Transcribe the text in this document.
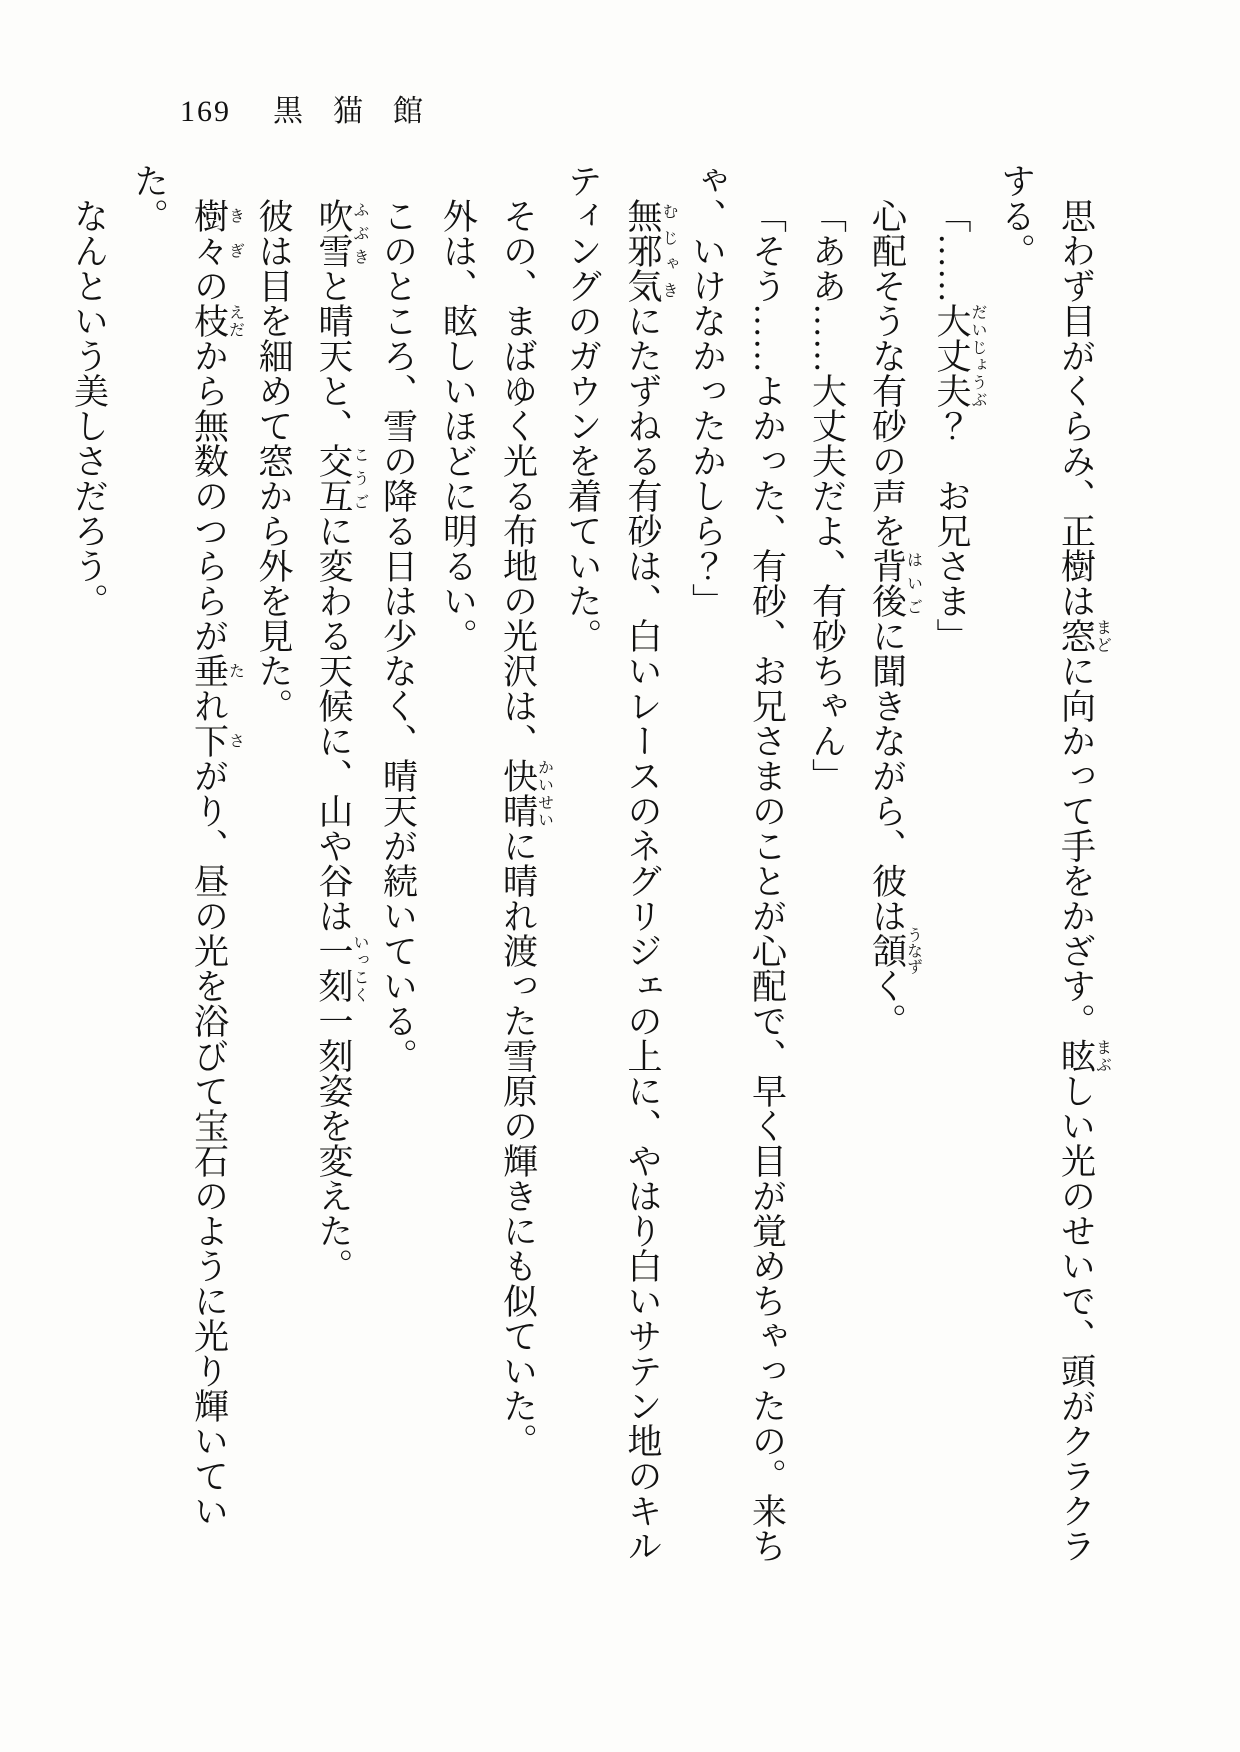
169 黒　猫　館

思わず目がくらみ、正樹は窓まどに向かって手をかざす。眩まぶしい光のせいで、頭がクラクラ

する。

「……大丈夫だいじょうぶ？　お兄さま」

心配そうな有砂の声を背後はいごに聞きながら、彼は頷うなずく。

「ああ……大丈夫だよ、有砂ちゃん」

「そう……よかった、有砂、お兄さまのことが心配で、早く目が覚めちゃったの。来ち

ゃ、いけなかったかしら？」

無邪気むじゃきにたずねる有砂は、白いレースのネグリジェの上に、やはり白いサテン地のキル

ティングのガウンを着ていた。

その、まばゆく光る布地の光沢は、快晴かいせいに晴れ渡った雪原の輝きにも似ていた。

外は、眩しいほどに明るい。

このところ、雪の降る日は少なく、晴天が続いている。

吹雪ふぶきと晴天と、交互こうごに変わる天候に、山や谷は一刻いっこく一刻姿を変えた。

彼は目を細めて窓から外を見た。

樹々きぎの枝えだから無数のつららが垂たれ下さがり、昼の光を浴びて宝石のように光り輝いていた。

なんという美しさだろう。
